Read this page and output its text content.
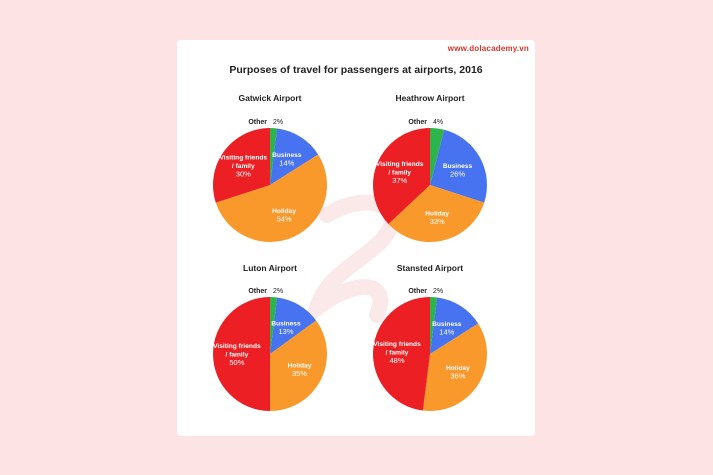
www.dolacademy.vn
Purposes of travel for passengers at airports, 2016
Gatwick Airport
Other 2%
Business
14%
Holiday
54%
Visiting friends
/ family
30%
Heathrow Airport
Other 4%
Business
26%
Holiday
33%
Visiting friends
/ family
37%
Luton Airport
Other 2%
Business
13%
Holiday
35%
Visiting friends
/ family
50%
Stansted Airport
Other 2%
Business
14%
Holiday
36%
Visiting friends
/ family
48%
